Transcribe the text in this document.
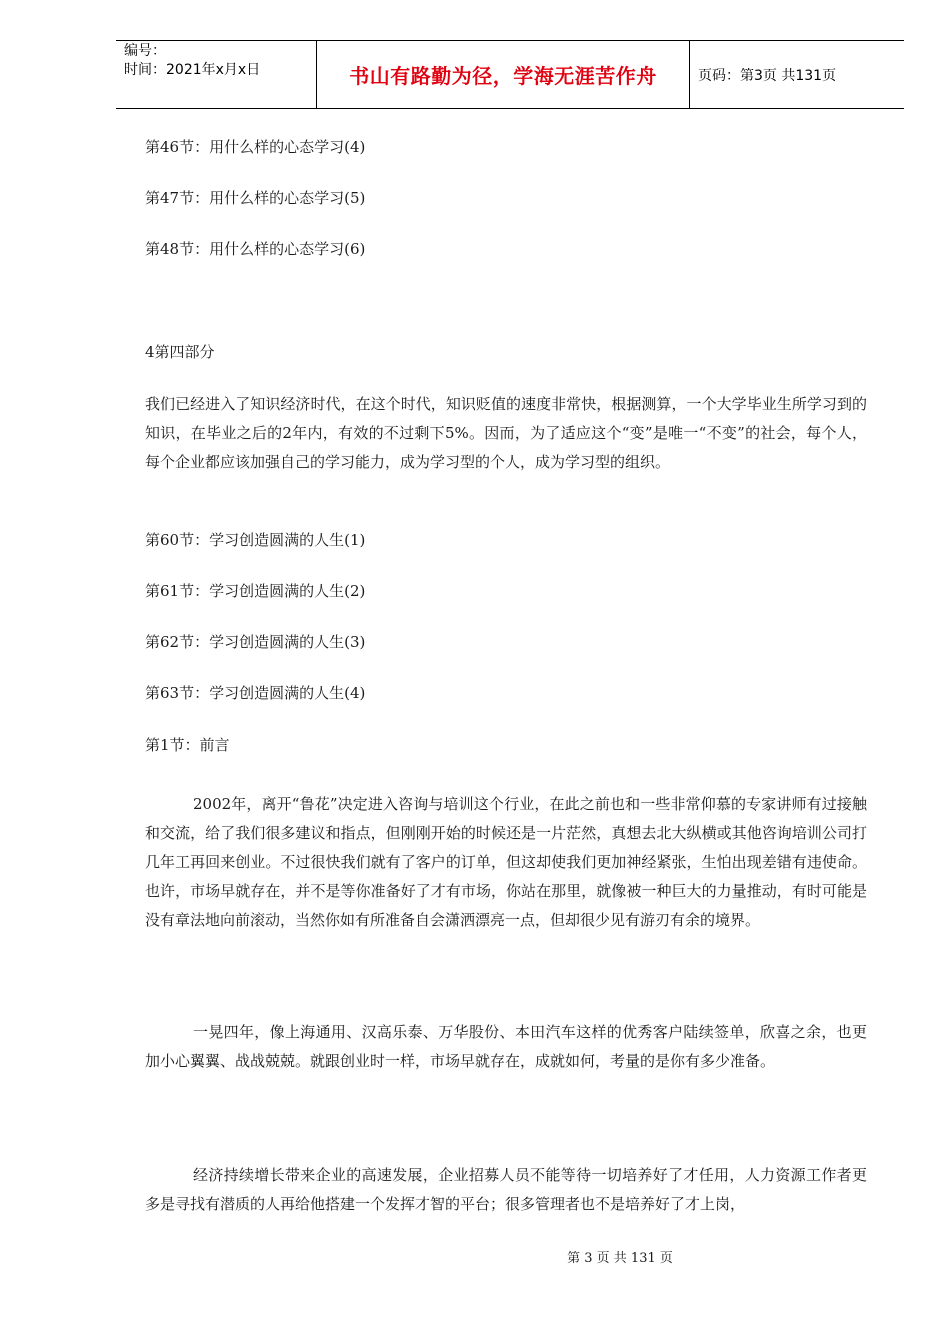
编号：
时间：2021年x月x日	书山有路勤为径，学海无涯苦作舟	页码：第3页 共131页
第46节：用什么样的心态学习(4)
第47节：用什么样的心态学习(5)
第48节：用什么样的心态学习(6)
4第四部分
我们已经进入了知识经济时代，在这个时代，知识贬值的速度非常快，根据测算，一个大学毕业生所学习到的知识，在毕业之后的2年内，有效的不过剩下5%。因而，为了适应这个“变”是唯一“不变”的社会，每个人，每个企业都应该加强自己的学习能力，成为学习型的个人，成为学习型的组织。
第60节：学习创造圆满的人生(1)
第61节：学习创造圆满的人生(2)
第62节：学习创造圆满的人生(3)
第63节：学习创造圆满的人生(4)
第1节：前言
2002年，离开“鲁花”决定进入咨询与培训这个行业，在此之前也和一些非常仰慕的专家讲师有过接触和交流，给了我们很多建议和指点，但刚刚开始的时候还是一片茫然，真想去北大纵横或其他咨询培训公司打几年工再回来创业。不过很快我们就有了客户的订单，但这却使我们更加神经紧张，生怕出现差错有违使命。也许，市场早就存在，并不是等你准备好了才有市场，你站在那里，就像被一种巨大的力量推动，有时可能是没有章法地向前滚动，当然你如有所准备自会潇洒漂亮一点，但却很少见有游刃有余的境界。
一晃四年，像上海通用、汉高乐泰、万华股份、本田汽车这样的优秀客户陆续签单，欣喜之余，也更加小心翼翼、战战兢兢。就跟创业时一样，市场早就存在，成就如何，考量的是你有多少准备。
经济持续增长带来企业的高速发展，企业招募人员不能等待一切培养好了才任用，人力资源工作者更多是寻找有潜质的人再给他搭建一个发挥才智的平台；很多管理者也不是培养好了才上岗，
第 3 页 共 131 页
